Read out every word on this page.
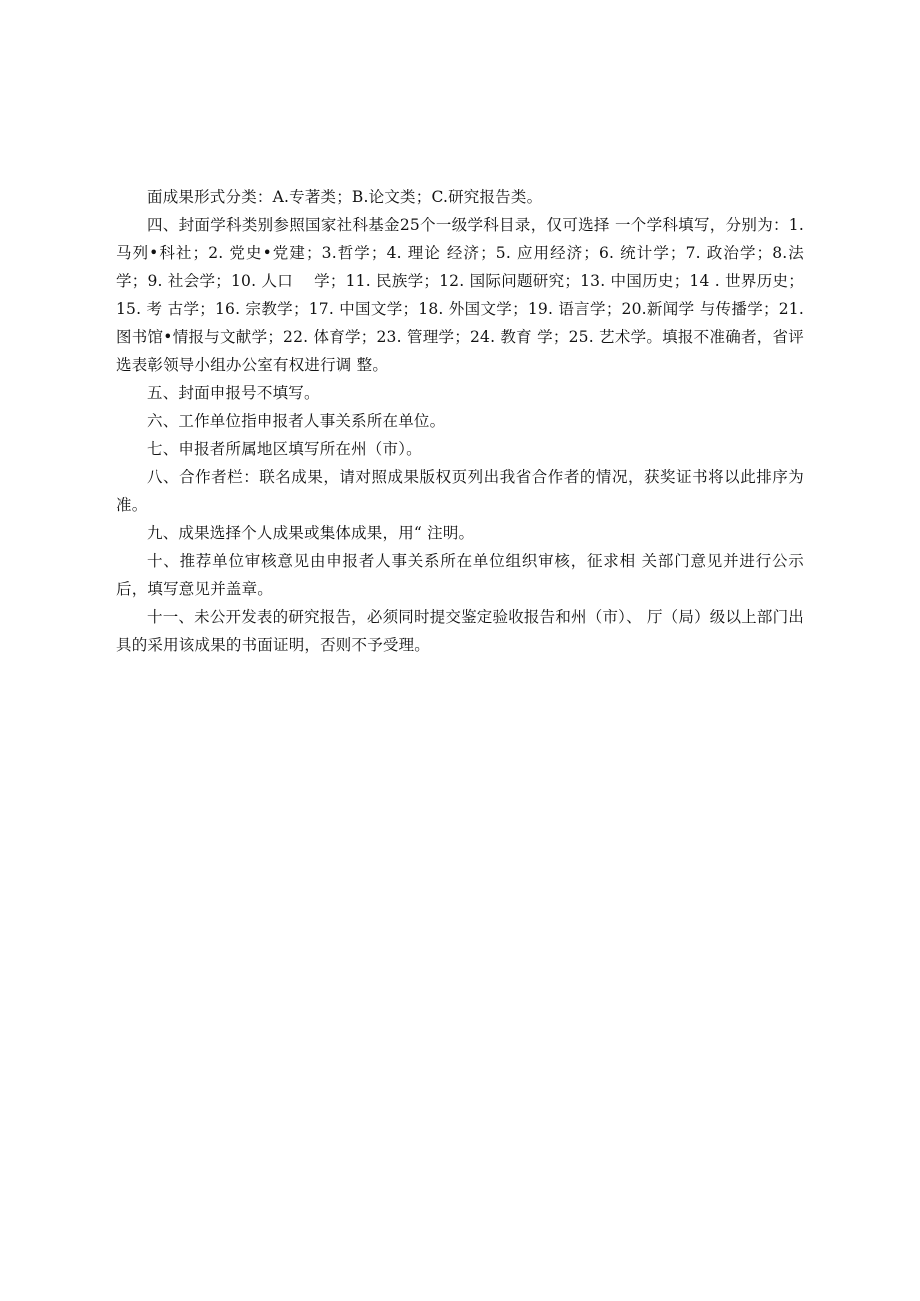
面成果形式分类：A.专著类；B.论文类；C.研究报告类。

四、封面学科类别参照国家社科基金25个一级学科目录，仅可选择 一个学科填写，分别为：1. 马列•科社；2. 党史•党建；3.哲学；4. 理论 经济；5. 应用经济；6. 统计学；7. 政治学；8.法学；9. 社会学；10. 人口　 学；11. 民族学；12. 国际问题研究；13. 中国历史；14 . 世界历史；15. 考 古学；16. 宗教学；17. 中国文学；18. 外国文学；19. 语言学；20.新闻学 与传播学；21.图书馆•情报与文献学；22. 体育学；23. 管理学；24. 教育 学；25. 艺术学。填报不准确者，省评选表彰领导小组办公室有权进行调 整。

五、封面申报号不填写。

六、工作单位指申报者人事关系所在单位。

七、申报者所属地区填写所在州（市）。

八、合作者栏：联名成果，请对照成果版权页列出我省合作者的情况，获奖证书将以此排序为准。

九、成果选择个人成果或集体成果，用“ 注明。

十、推荐单位审核意见由申报者人事关系所在单位组织审核，征求相 关部门意见并进行公示后，填写意见并盖章。

十一、未公开发表的研究报告，必须同时提交鉴定验收报告和州（市）、 厅（局）级以上部门出具的采用该成果的书面证明，否则不予受理。
